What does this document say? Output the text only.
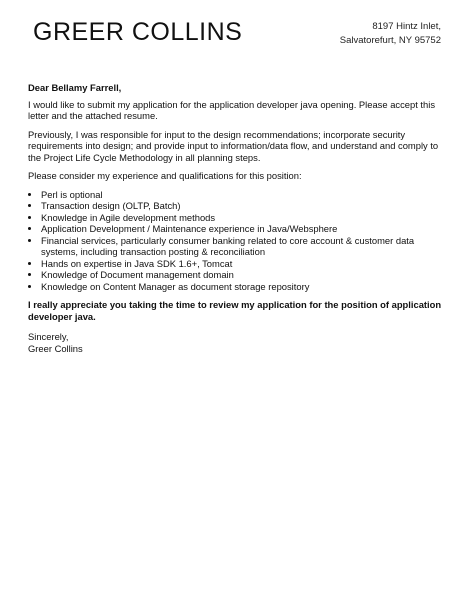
GREER COLLINS	8197 Hintz Inlet,
Salvatorefurt, NY 95752
Dear Bellamy Farrell,

I would like to submit my application for the application developer java opening. Please accept this letter and the attached resume.

Previously, I was responsible for input to the design recommendations; incorporate security requirements into design; and provide input to information/data flow, and understand and comply to the Project Life Cycle Methodology in all planning steps.

Please consider my experience and qualifications for this position:

• Perl is optional
• Transaction design (OLTP, Batch)
• Knowledge in Agile development methods
• Application Development / Maintenance experience in Java/Websphere
• Financial services, particularly consumer banking related to core account & customer data systems, including transaction posting & reconciliation
• Hands on expertise in Java SDK 1.6+, Tomcat
• Knowledge of Document management domain
• Knowledge on Content Manager as document storage repository

I really appreciate you taking the time to review my application for the position of application developer java.

Sincerely,
Greer Collins
